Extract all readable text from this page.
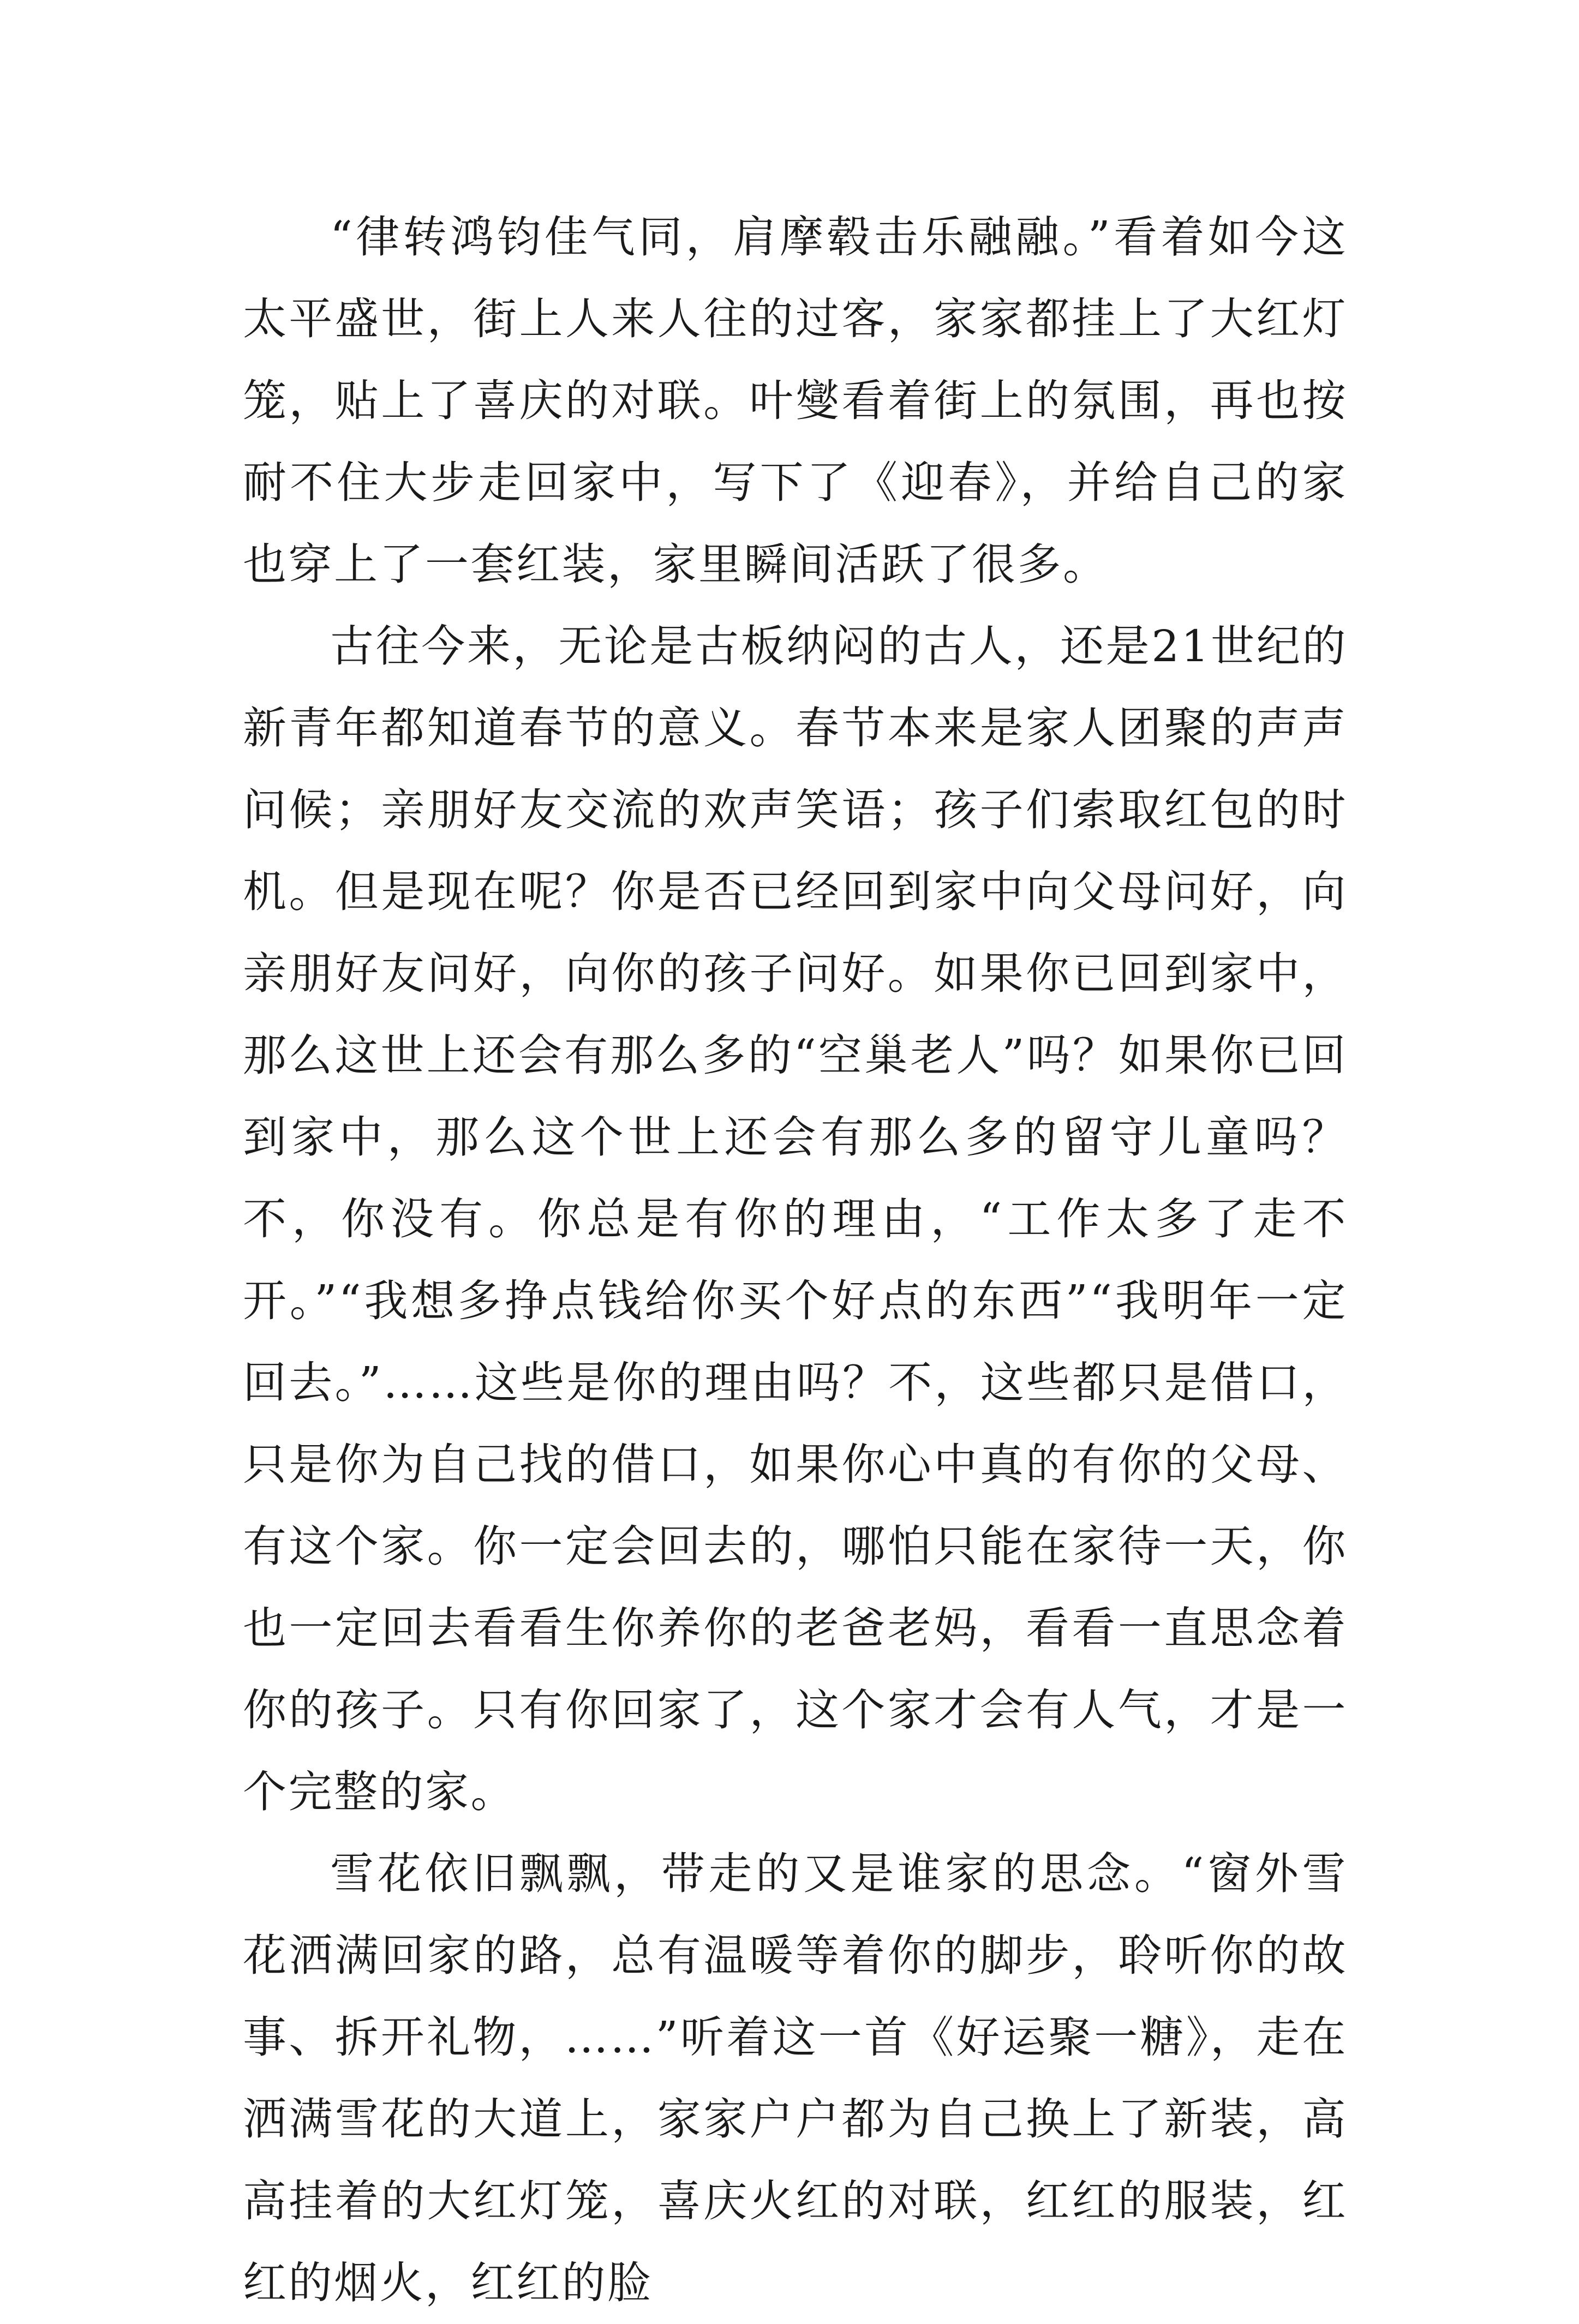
“律转鸿钧佳气同，肩摩毂击乐融融。”看着如今这太平盛世，街上人来人往的过客，家家都挂上了大红灯笼，贴上了喜庆的对联。叶燮看着街上的氛围，再也按耐不住大步走回家中，写下了《迎春》，并给自己的家也穿上了一套红装，家里瞬间活跃了很多。

古往今来，无论是古板纳闷的古人，还是21世纪的新青年都知道春节的意义。春节本来是家人团聚的声声问候；亲朋好友交流的欢声笑语；孩子们索取红包的时机。但是现在呢？你是否已经回到家中向父母问好，向亲朋好友问好，向你的孩子问好。如果你已回到家中，那么这世上还会有那么多的“空巢老人”吗？如果你已回到家中，那么这个世上还会有那么多的留守儿童吗？不，你没有。你总是有你的理由，“工作太多了走不开。”“我想多挣点钱给你买个好点的东西”“我明年一定回去。”……这些是你的理由吗？不，这些都只是借口，只是你为自己找的借口，如果你心中真的有你的父母、有这个家。你一定会回去的，哪怕只能在家待一天，你也一定回去看看生你养你的老爸老妈，看看一直思念着你的孩子。只有你回家了，这个家才会有人气，才是一个完整的家。

雪花依旧飘飘，带走的又是谁家的思念。“窗外雪花洒满回家的路，总有温暖等着你的脚步，聆听你的故事、拆开礼物，……”听着这一首《好运聚一糖》，走在洒满雪花的大道上，家家户户都为自己换上了新装，高高挂着的大红灯笼，喜庆火红的对联，红红的服装，红红的烟火，红红的脸
